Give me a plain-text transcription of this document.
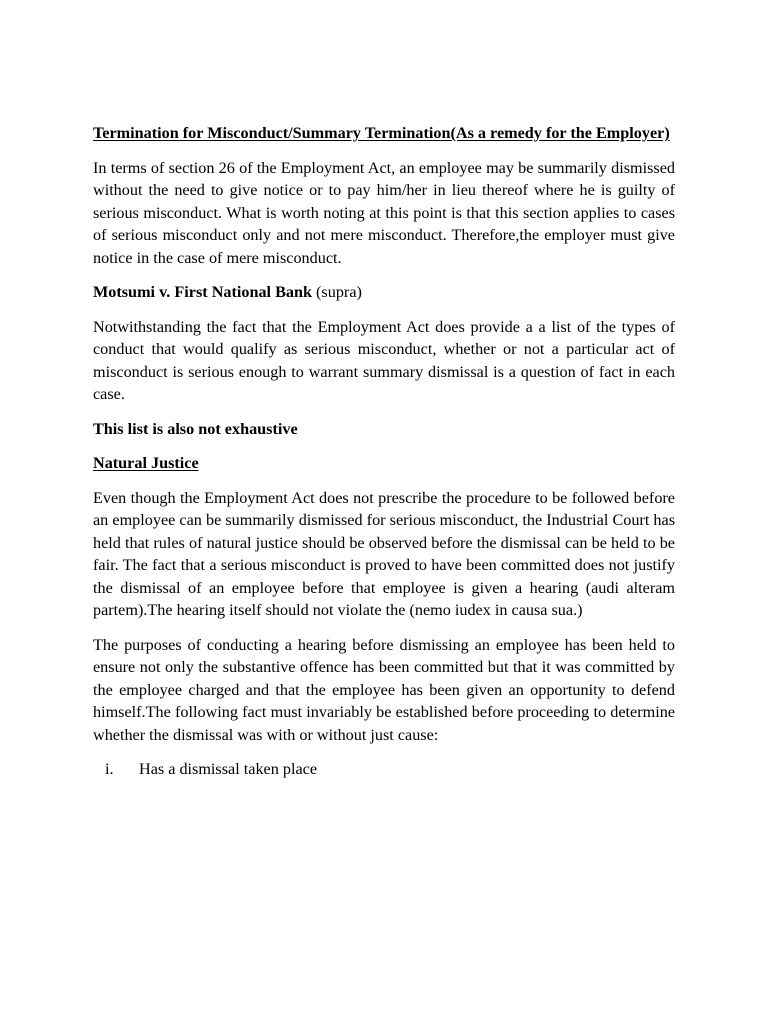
Termination for Misconduct/Summary Termination(As a remedy for the Employer)

In terms of section 26 of the Employment Act, an employee may be summarily dismissed without the need to give notice or to pay him/her in lieu thereof where he is guilty of serious misconduct. What is worth noting at this point is that this section applies to cases of serious misconduct only and not mere misconduct. Therefore,the employer must give notice in the case of mere misconduct.

Motsumi v. First National Bank (supra)

Notwithstanding the fact that the Employment Act does provide a a list of the types of conduct that would qualify as serious misconduct, whether or not a particular act of misconduct is serious enough to warrant summary dismissal is a question of fact in each case.

This list is also not exhaustive

Natural Justice

Even though the Employment Act does not prescribe the procedure to be followed before an employee can be summarily dismissed for serious misconduct, the Industrial Court has held that rules of natural justice should be observed before the dismissal can be held to be fair. The fact that a serious misconduct is proved to have been committed does not justify the dismissal of an employee before that employee is given a hearing (audi alteram partem).The hearing itself should not violate the (nemo iudex in causa sua.)

The purposes of conducting a hearing before dismissing an employee has been held to ensure not only the substantive offence has been committed but that it was committed by the employee charged and that the employee has been given an opportunity to defend himself.The following fact must invariably be established before proceeding to determine whether the dismissal was with or without just cause:

i.	Has a dismissal taken place
